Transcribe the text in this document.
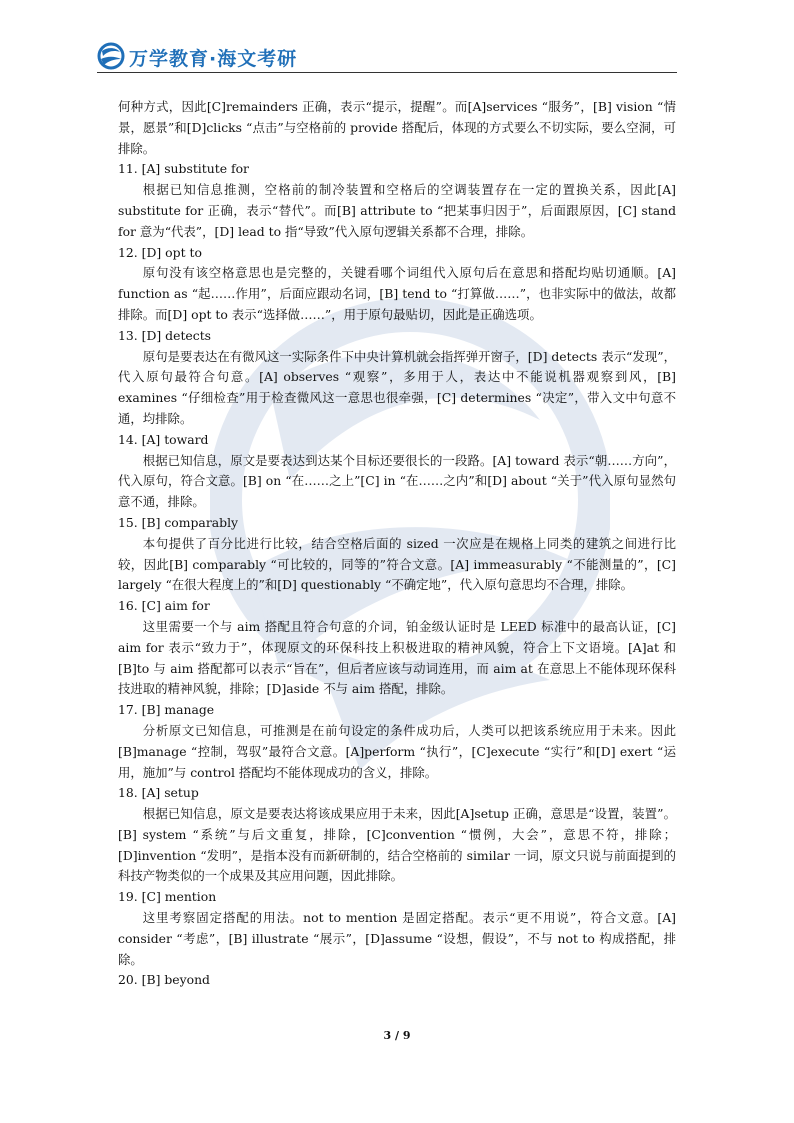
万学教育·海文考研

何种方式，因此[C]remainders 正确，表示“提示，提醒”。而[A]services “服务”，[B] vision “情景，愿景”和[D]clicks “点击”与空格前的 provide 搭配后，体现的方式要么不切实际，要么空洞，可排除。

11. [A] substitute for

根据已知信息推测，空格前的制冷装置和空格后的空调装置存在一定的置换关系，因此[A] substitute for 正确，表示“替代”。而[B] attribute to “把某事归因于”，后面跟原因，[C] stand for 意为“代表”，[D] lead to 指“导致”代入原句逻辑关系都不合理，排除。

12. [D] opt to

原句没有该空格意思也是完整的，关键看哪个词组代入原句后在意思和搭配均贴切通顺。[A] function as “起……作用”，后面应跟动名词，[B] tend to “打算做……”，也非实际中的做法，故都排除。而[D] opt to 表示“选择做……”，用于原句最贴切，因此是正确选项。

13. [D] detects

原句是要表达在有微风这一实际条件下中央计算机就会指挥弹开窗子，[D] detects 表示“发现”，代入原句最符合句意。[A] observes “观察”，多用于人，表达中不能说机器观察到风，[B] examines “仔细检查”用于检查微风这一意思也很牵强，[C] determines “决定”，带入文中句意不通，均排除。

14. [A] toward

根据已知信息，原文是要表达到达某个目标还要很长的一段路。[A] toward 表示“朝……方向”，代入原句，符合文意。[B] on “在……之上”[C] in “在……之内”和[D] about “关于”代入原句显然句意不通，排除。

15. [B] comparably

本句提供了百分比进行比较，结合空格后面的 sized 一次应是在规格上同类的建筑之间进行比较，因此[B] comparably “可比较的，同等的”符合文意。[A] immeasurably “不能测量的”，[C] largely “在很大程度上的”和[D] questionably “不确定地”，代入原句意思均不合理，排除。

16. [C] aim for

这里需要一个与 aim 搭配且符合句意的介词，铂金级认证时是 LEED 标准中的最高认证，[C] aim for 表示“致力于”，体现原文的环保科技上积极进取的精神风貌，符合上下文语境。[A]at 和[B]to 与 aim 搭配都可以表示“旨在”，但后者应该与动词连用，而 aim at 在意思上不能体现环保科技进取的精神风貌，排除；[D]aside 不与 aim 搭配，排除。

17. [B] manage

分析原文已知信息，可推测是在前句设定的条件成功后，人类可以把该系统应用于未来。因此[B]manage “控制，驾驭”最符合文意。[A]perform “执行”，[C]execute “实行”和[D] exert “运用，施加”与 control 搭配均不能体现成功的含义，排除。

18. [A] setup

根据已知信息，原文是要表达将该成果应用于未来，因此[A]setup 正确，意思是“设置，装置”。[B] system “系统”与后文重复，排除，[C]convention “惯例，大会”，意思不符，排除；[D]invention “发明”，是指本没有而新研制的，结合空格前的 similar 一词，原文只说与前面提到的科技产物类似的一个成果及其应用问题，因此排除。

19. [C] mention

这里考察固定搭配的用法。not to mention 是固定搭配。表示“更不用说”，符合文意。[A] consider “考虑”，[B] illustrate “展示”，[D]assume “设想，假设”，不与 not to 构成搭配，排除。

20. [B] beyond

3 / 9
